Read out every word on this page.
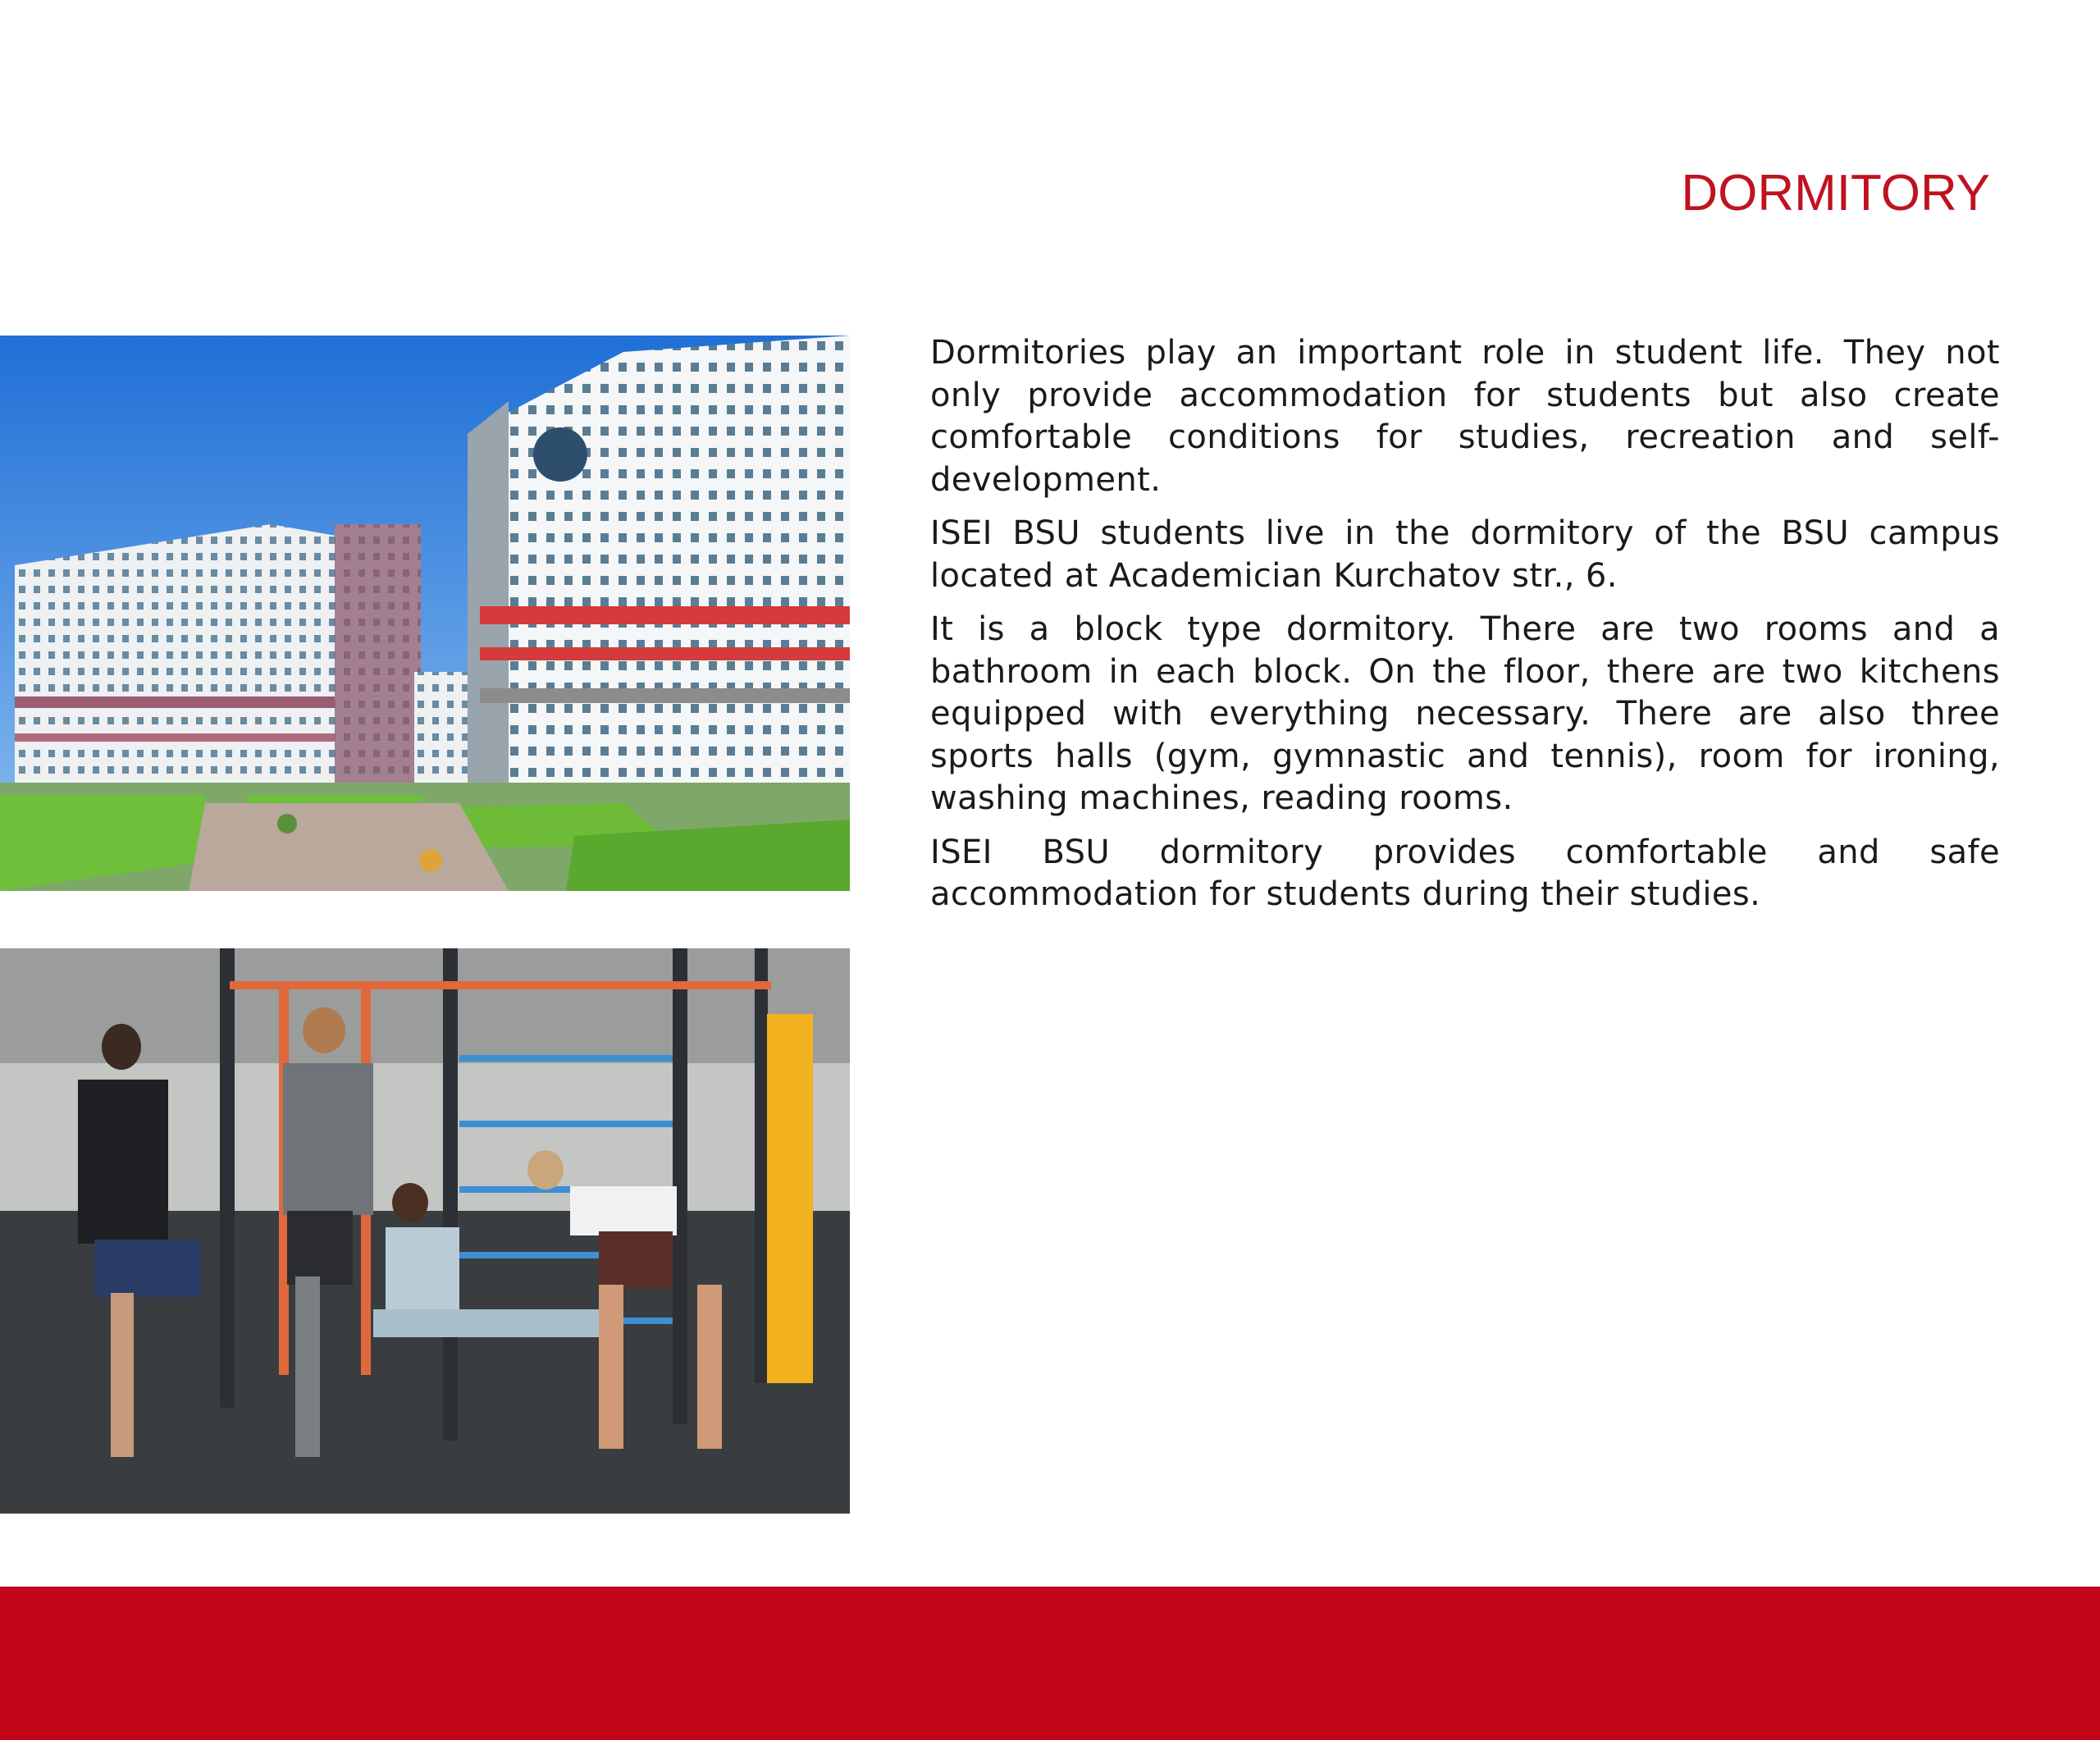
DORMITORY

Dormitories play an important role in student life. They not only provide accommodation for students but also create comfortable conditions for studies, recreation and self-development.

ISEI BSU students live in the dormitory of the BSU campus located at Academician Kurchatov str., 6.

It is a block type dormitory. There are two rooms and a bathroom in each block. On the floor, there are two kitchens equipped with everything necessary. There are also three sports halls (gym, gymnastic and tennis), room for ironing, washing machines, reading rooms.

ISEI BSU dormitory provides comfortable and safe accommodation for students during their studies.
